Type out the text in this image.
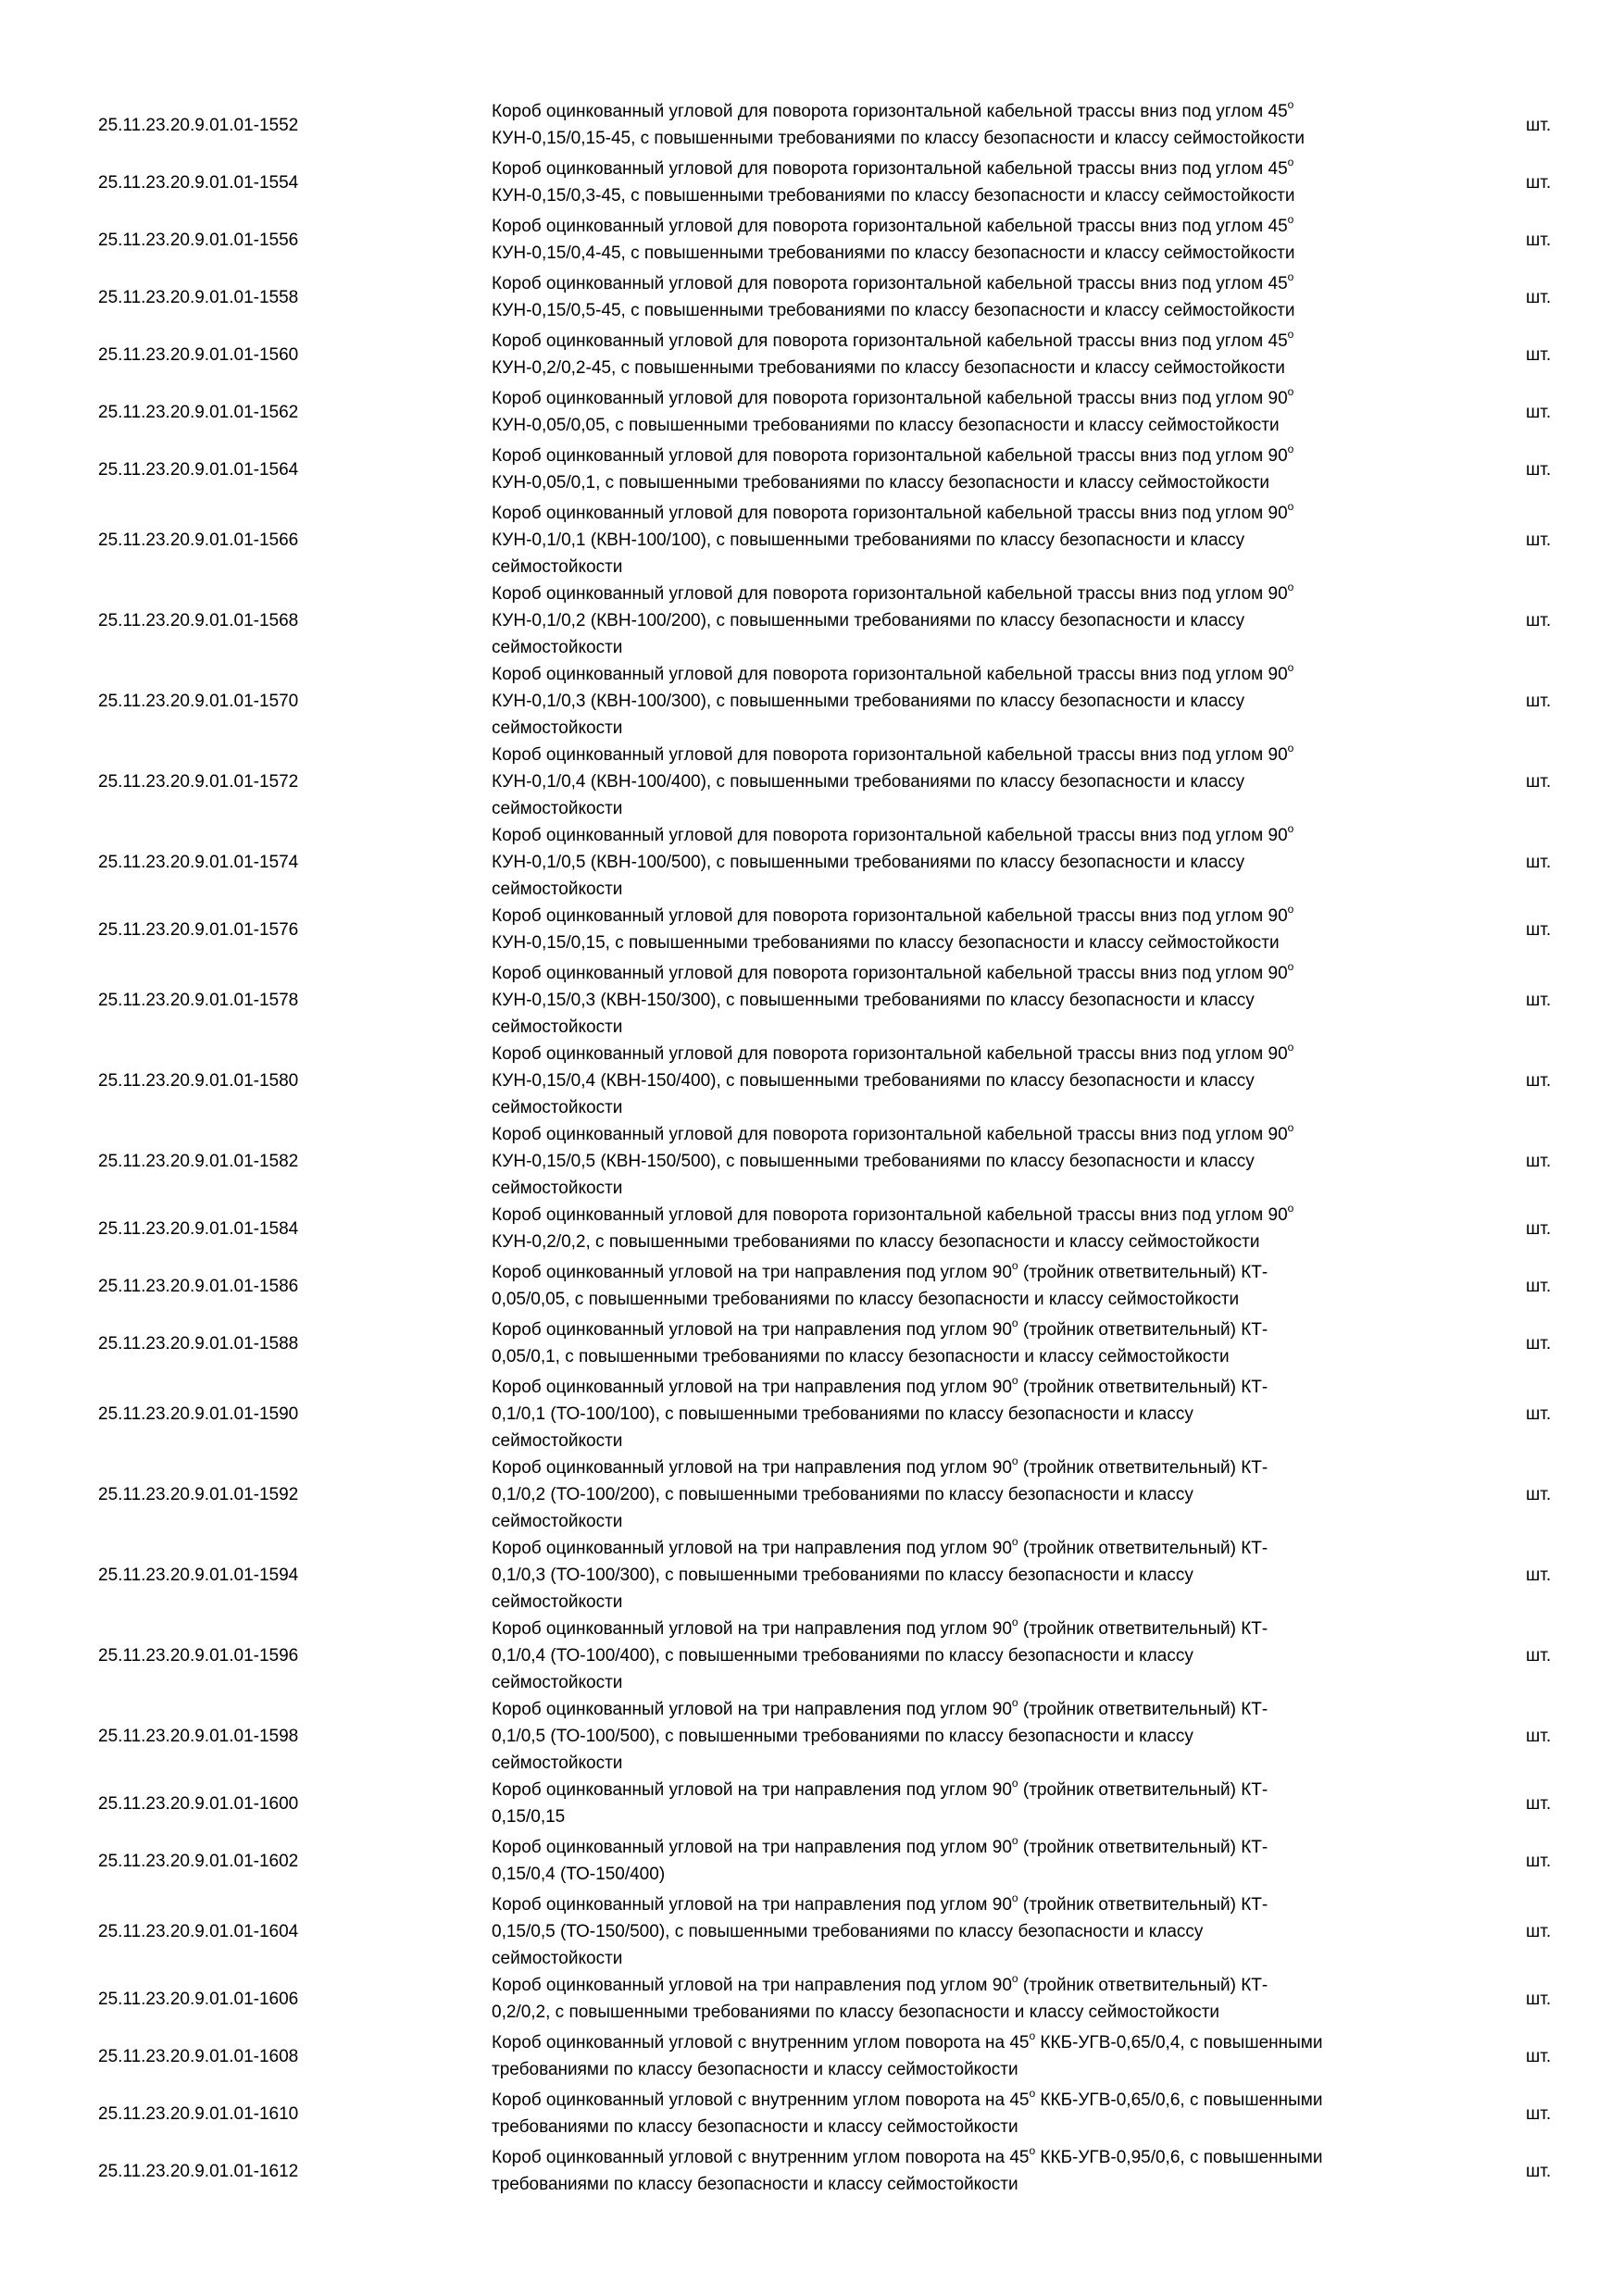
25.11.23.20.9.01.01-1552
Короб оцинкованный угловой для поворота горизонтальной кабельной трассы вниз под углом 45$^o$
КУН-0,15/0,15-45, с повышенными требованиями по классу безопасности и классу сеймостойкости
шт.
25.11.23.20.9.01.01-1554
Короб оцинкованный угловой для поворота горизонтальной кабельной трассы вниз под углом 45$^o$
КУН-0,15/0,3-45, с повышенными требованиями по классу безопасности и классу сеймостойкости
шт.
25.11.23.20.9.01.01-1556
Короб оцинкованный угловой для поворота горизонтальной кабельной трассы вниз под углом 45$^o$
КУН-0,15/0,4-45, с повышенными требованиями по классу безопасности и классу сеймостойкости
шт.
25.11.23.20.9.01.01-1558
Короб оцинкованный угловой для поворота горизонтальной кабельной трассы вниз под углом 45$^o$
КУН-0,15/0,5-45, с повышенными требованиями по классу безопасности и классу сеймостойкости
шт.
25.11.23.20.9.01.01-1560
Короб оцинкованный угловой для поворота горизонтальной кабельной трассы вниз под углом 45$^o$
КУН-0,2/0,2-45, с повышенными требованиями по классу безопасности и классу сеймостойкости
шт.
25.11.23.20.9.01.01-1562
Короб оцинкованный угловой для поворота горизонтальной кабельной трассы вниз под углом 90$^o$
КУН-0,05/0,05, с повышенными требованиями по классу безопасности и классу сеймостойкости
шт.
25.11.23.20.9.01.01-1564
Короб оцинкованный угловой для поворота горизонтальной кабельной трассы вниз под углом 90$^o$
КУН-0,05/0,1, с повышенными требованиями по классу безопасности и классу сеймостойкости
шт.
25.11.23.20.9.01.01-1566
Короб оцинкованный угловой для поворота горизонтальной кабельной трассы вниз под углом 90$^o$
КУН-0,1/0,1 (КВН-100/100), с повышенными требованиями по классу безопасности и классу
сеймостойкости
шт.
25.11.23.20.9.01.01-1568
Короб оцинкованный угловой для поворота горизонтальной кабельной трассы вниз под углом 90$^o$
КУН-0,1/0,2 (КВН-100/200), с повышенными требованиями по классу безопасности и классу
сеймостойкости
шт.
25.11.23.20.9.01.01-1570
Короб оцинкованный угловой для поворота горизонтальной кабельной трассы вниз под углом 90$^o$
КУН-0,1/0,3 (КВН-100/300), с повышенными требованиями по классу безопасности и классу
сеймостойкости
шт.
25.11.23.20.9.01.01-1572
Короб оцинкованный угловой для поворота горизонтальной кабельной трассы вниз под углом 90$^o$
КУН-0,1/0,4 (КВН-100/400), с повышенными требованиями по классу безопасности и классу
сеймостойкости
шт.
25.11.23.20.9.01.01-1574
Короб оцинкованный угловой для поворота горизонтальной кабельной трассы вниз под углом 90$^o$
КУН-0,1/0,5 (КВН-100/500), с повышенными требованиями по классу безопасности и классу
сеймостойкости
шт.
25.11.23.20.9.01.01-1576
Короб оцинкованный угловой для поворота горизонтальной кабельной трассы вниз под углом 90$^o$
КУН-0,15/0,15, с повышенными требованиями по классу безопасности и классу сеймостойкости
шт.
25.11.23.20.9.01.01-1578
Короб оцинкованный угловой для поворота горизонтальной кабельной трассы вниз под углом 90$^o$
КУН-0,15/0,3 (КВН-150/300), с повышенными требованиями по классу безопасности и классу
сеймостойкости
шт.
25.11.23.20.9.01.01-1580
Короб оцинкованный угловой для поворота горизонтальной кабельной трассы вниз под углом 90$^o$
КУН-0,15/0,4 (КВН-150/400), с повышенными требованиями по классу безопасности и классу
сеймостойкости
шт.
25.11.23.20.9.01.01-1582
Короб оцинкованный угловой для поворота горизонтальной кабельной трассы вниз под углом 90$^o$
КУН-0,15/0,5 (КВН-150/500), с повышенными требованиями по классу безопасности и классу
сеймостойкости
шт.
25.11.23.20.9.01.01-1584
Короб оцинкованный угловой для поворота горизонтальной кабельной трассы вниз под углом 90$^o$
КУН-0,2/0,2, с повышенными требованиями по классу безопасности и классу сеймостойкости
шт.
25.11.23.20.9.01.01-1586
Короб оцинкованный угловой на три направления под углом 90$^o$ (тройник ответвительный) КТ-
0,05/0,05, с повышенными требованиями по классу безопасности и классу сеймостойкости
шт.
25.11.23.20.9.01.01-1588
Короб оцинкованный угловой на три направления под углом 90$^o$ (тройник ответвительный) КТ-
0,05/0,1, с повышенными требованиями по классу безопасности и классу сеймостойкости
шт.
25.11.23.20.9.01.01-1590
Короб оцинкованный угловой на три направления под углом 90$^o$ (тройник ответвительный) КТ-
0,1/0,1 (ТО-100/100), с повышенными требованиями по классу безопасности и классу
сеймостойкости
шт.
25.11.23.20.9.01.01-1592
Короб оцинкованный угловой на три направления под углом 90$^o$ (тройник ответвительный) КТ-
0,1/0,2 (ТО-100/200), с повышенными требованиями по классу безопасности и классу
сеймостойкости
шт.
25.11.23.20.9.01.01-1594
Короб оцинкованный угловой на три направления под углом 90$^o$ (тройник ответвительный) КТ-
0,1/0,3 (ТО-100/300), с повышенными требованиями по классу безопасности и классу
сеймостойкости
шт.
25.11.23.20.9.01.01-1596
Короб оцинкованный угловой на три направления под углом 90$^o$ (тройник ответвительный) КТ-
0,1/0,4 (ТО-100/400), с повышенными требованиями по классу безопасности и классу
сеймостойкости
шт.
25.11.23.20.9.01.01-1598
Короб оцинкованный угловой на три направления под углом 90$^o$ (тройник ответвительный) КТ-
0,1/0,5 (ТО-100/500), с повышенными требованиями по классу безопасности и классу
сеймостойкости
шт.
25.11.23.20.9.01.01-1600
Короб оцинкованный угловой на три направления под углом 90$^o$ (тройник ответвительный) КТ-
0,15/0,15
шт.
25.11.23.20.9.01.01-1602
Короб оцинкованный угловой на три направления под углом 90$^o$ (тройник ответвительный) КТ-
0,15/0,4 (ТО-150/400)
шт.
25.11.23.20.9.01.01-1604
Короб оцинкованный угловой на три направления под углом 90$^o$ (тройник ответвительный) КТ-
0,15/0,5 (ТО-150/500), с повышенными требованиями по классу безопасности и классу
сеймостойкости
шт.
25.11.23.20.9.01.01-1606
Короб оцинкованный угловой на три направления под углом 90$^o$ (тройник ответвительный) КТ-
0,2/0,2, с повышенными требованиями по классу безопасности и классу сеймостойкости
шт.
25.11.23.20.9.01.01-1608
Короб оцинкованный угловой с внутренним углом поворота на 45$^o$ ККБ-УГВ-0,65/0,4, с повышенными
требованиями по классу безопасности и классу сеймостойкости
шт.
25.11.23.20.9.01.01-1610
Короб оцинкованный угловой с внутренним углом поворота на 45$^o$ ККБ-УГВ-0,65/0,6, с повышенными
требованиями по классу безопасности и классу сеймостойкости
шт.
25.11.23.20.9.01.01-1612
Короб оцинкованный угловой с внутренним углом поворота на 45$^o$ ККБ-УГВ-0,95/0,6, с повышенными
требованиями по классу безопасности и классу сеймостойкости
шт.
